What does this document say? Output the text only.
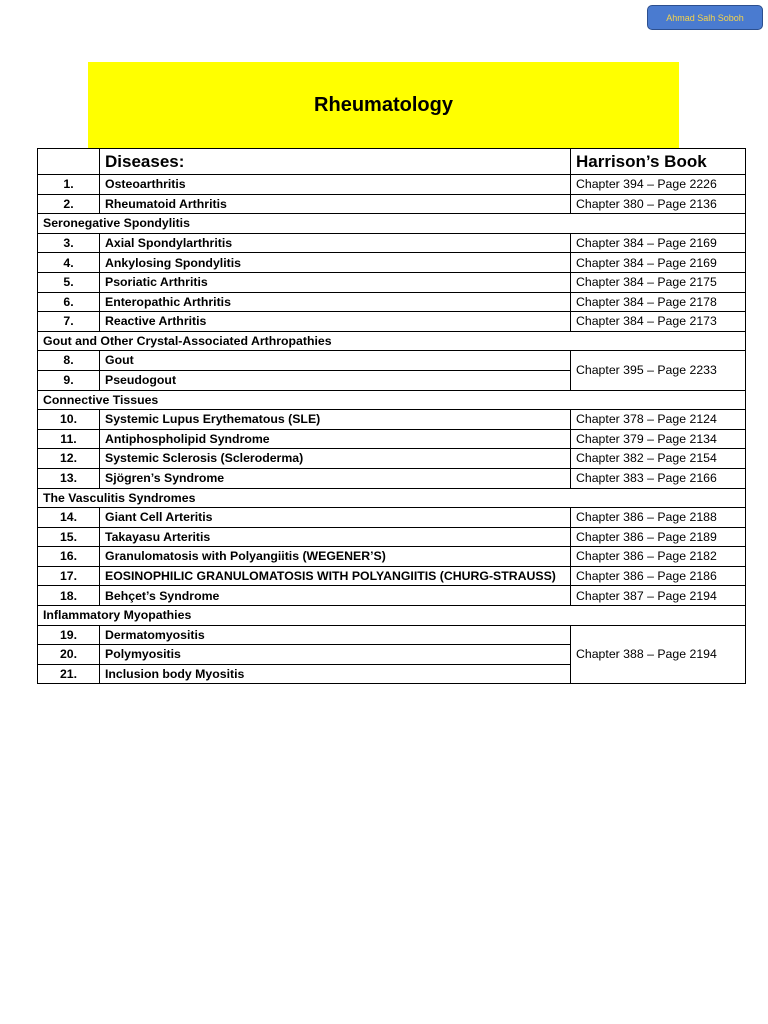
Ahmad Salh Soboh
Rheumatology
	Diseases:	Harrison’s Book
1.	Osteoarthritis	Chapter 394 – Page 2226
2.	Rheumatoid Arthritis	Chapter 380 – Page 2136
Seronegative Spondylitis		
3.	Axial Spondylarthritis	Chapter 384 – Page 2169
4.	Ankylosing Spondylitis	Chapter 384 – Page 2169
5.	Psoriatic Arthritis	Chapter 384 – Page 2175
6.	Enteropathic Arthritis	Chapter 384 – Page 2178
7.	Reactive Arthritis	Chapter 384 – Page 2173
Gout and Other Crystal-Associated Arthropathies		
8.	Gout	Chapter 395 – Page 2233
9.	Pseudogout	
Connective Tissues		
10.	Systemic Lupus Erythematous (SLE)	Chapter 378 – Page 2124
11.	Antiphospholipid Syndrome	Chapter 379 – Page 2134
12.	Systemic Sclerosis (Scleroderma)	Chapter 382 – Page 2154
13.	Sjögren’s Syndrome	Chapter 383 – Page 2166
The Vasculitis Syndromes		
14.	Giant Cell Arteritis	Chapter 386 – Page 2188
15.	Takayasu Arteritis	Chapter 386 – Page 2189
16.	Granulomatosis with Polyangiitis (WEGENER’S)	Chapter 386 – Page 2182
17.	EOSINOPHILIC GRANULOMATOSIS WITH POLYANGIITIS (CHURG-STRAUSS)	Chapter 386 – Page 2186
18.	Behçet’s Syndrome	Chapter 387 – Page 2194
Inflammatory Myopathies		
19.	Dermatomyositis	Chapter 388 – Page 2194
20.	Polymyositis	
21.	Inclusion body Myositis	
